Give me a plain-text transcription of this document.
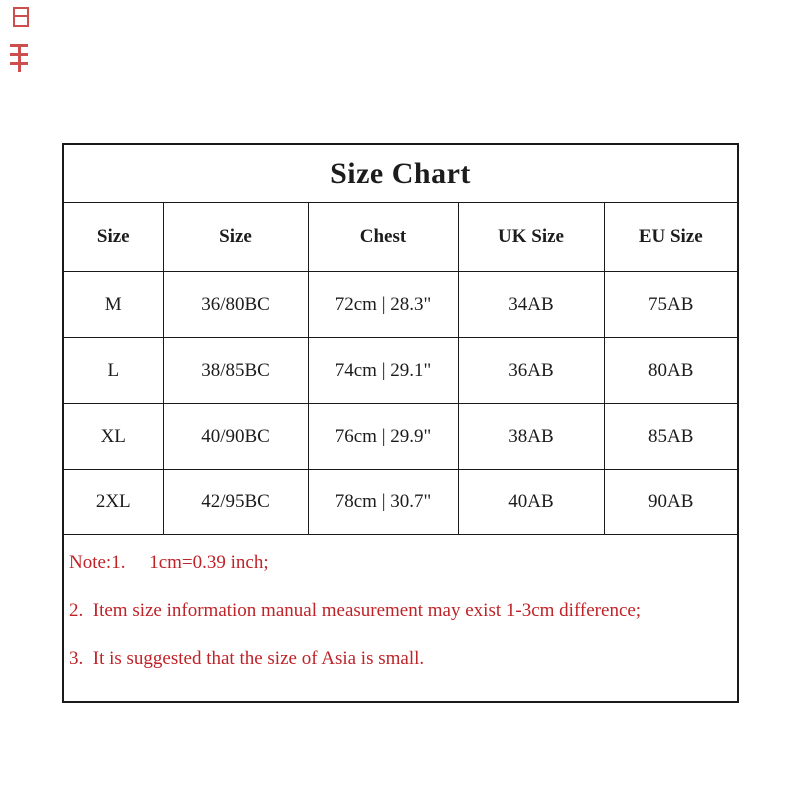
Size Chart				
Size	Size	Chest	UK Size	EU Size
M	36/80BC	72cm | 28.3"	34AB	75AB
L	38/85BC	74cm | 29.1"	36AB	80AB
XL	40/90BC	76cm | 29.9"	38AB	85AB
2XL	42/95BC	78cm | 30.7"	40AB	90AB

Note:1.     1cm=0.39 inch;

2.  Item size information manual measurement may exist 1-3cm difference;

3.  It is suggested that the size of Asia is small.				
